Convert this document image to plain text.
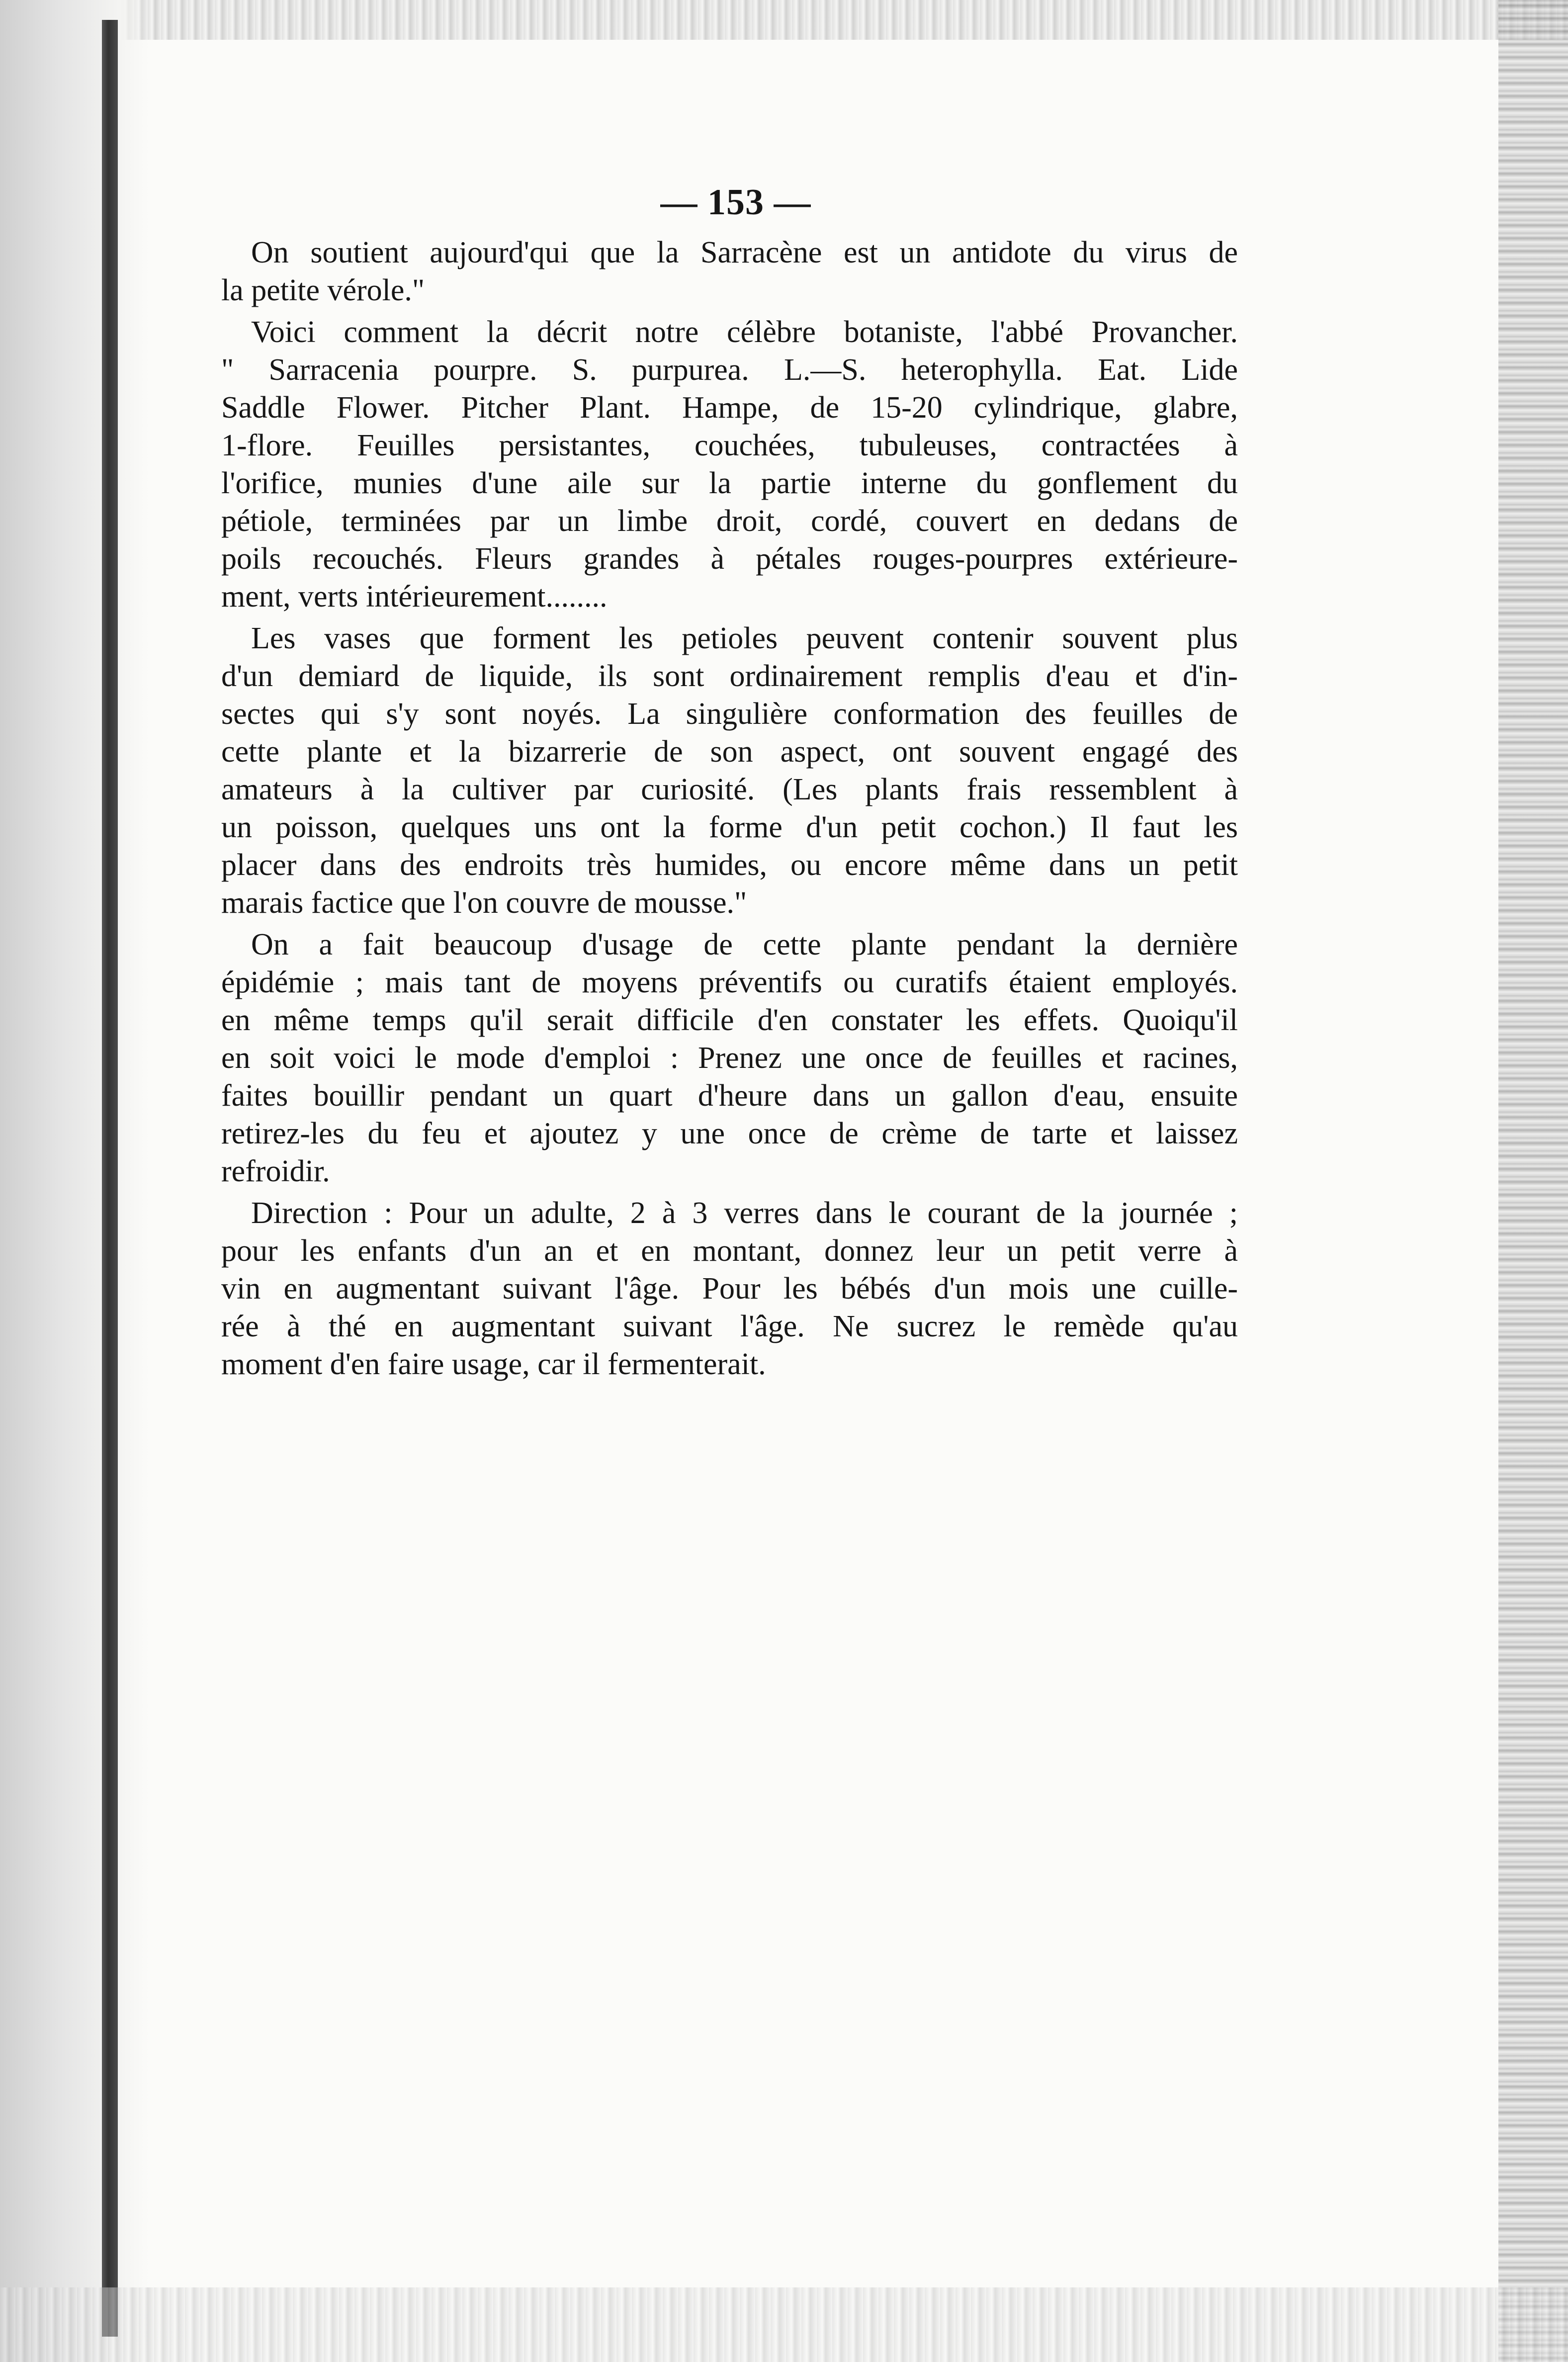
— 153 —
On soutient aujourd'qui que la Sarracène est un antidote du virus de
la petite vérole."
Voici comment la décrit notre célèbre botaniste, l'abbé Provancher.
" Sarracenia pourpre. S. purpurea. L.—S. heterophylla. Eat. Lide
Saddle Flower. Pitcher Plant. Hampe, de 15-20 cylindrique, glabre,
1-flore. Feuilles persistantes, couchées, tubuleuses, contractées à
l'orifice, munies d'une aile sur la partie interne du gonflement du
pétiole, terminées par un limbe droit, cordé, couvert en dedans de
poils recouchés. Fleurs grandes à pétales rouges-pourpres extérieure-
ment, verts intérieurement........
Les vases que forment les petioles peuvent contenir souvent plus
d'un demiard de liquide, ils sont ordinairement remplis d'eau et d'in-
sectes qui s'y sont noyés. La singulière conformation des feuilles de
cette plante et la bizarrerie de son aspect, ont souvent engagé des
amateurs à la cultiver par curiosité. (Les plants frais ressemblent à
un poisson, quelques uns ont la forme d'un petit cochon.) Il faut les
placer dans des endroits très humides, ou encore même dans un petit
marais factice que l'on couvre de mousse."
On a fait beaucoup d'usage de cette plante pendant la dernière
épidémie ; mais tant de moyens préventifs ou curatifs étaient employés.
en même temps qu'il serait difficile d'en constater les effets. Quoiqu'il
en soit voici le mode d'emploi : Prenez une once de feuilles et racines,
faites bouillir pendant un quart d'heure dans un gallon d'eau, ensuite
retirez-les du feu et ajoutez y une once de crème de tarte et laissez
refroidir.
Direction : Pour un adulte, 2 à 3 verres dans le courant de la journée ;
pour les enfants d'un an et en montant, donnez leur un petit verre à
vin en augmentant suivant l'âge. Pour les bébés d'un mois une cuille-
rée à thé en augmentant suivant l'âge. Ne sucrez le remède qu'au
moment d'en faire usage, car il fermenterait.
